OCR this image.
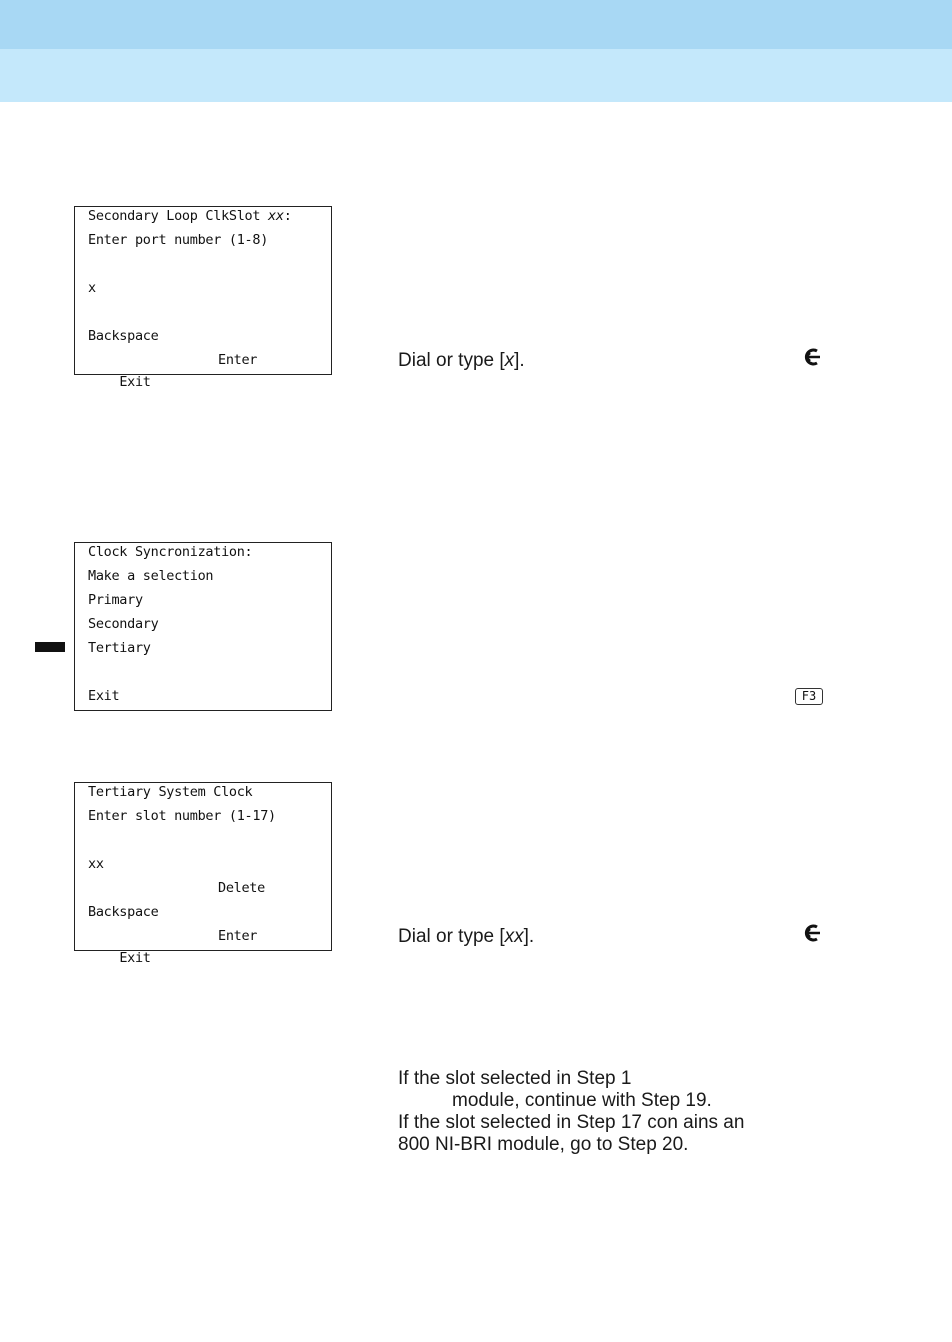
Secondary Loop ClkSlot xx:
Enter port number (1-8)
x
Backspace

Exit

Enter

	Dial or type [x].
Clock Syncronization:
Make a selection
Primary
Secondary
Tertiary
Exit	F3
Tertiary System Clock
Enter slot number (1-17)
xx

Delete

Backspace

Exit

Enter

	Dial or type [xx].
If the slot selected in Step 1
module, continue with Step 19.
If the slot selected in Step 17 con ains an
800 NI-BRI module, go to Step 20.
